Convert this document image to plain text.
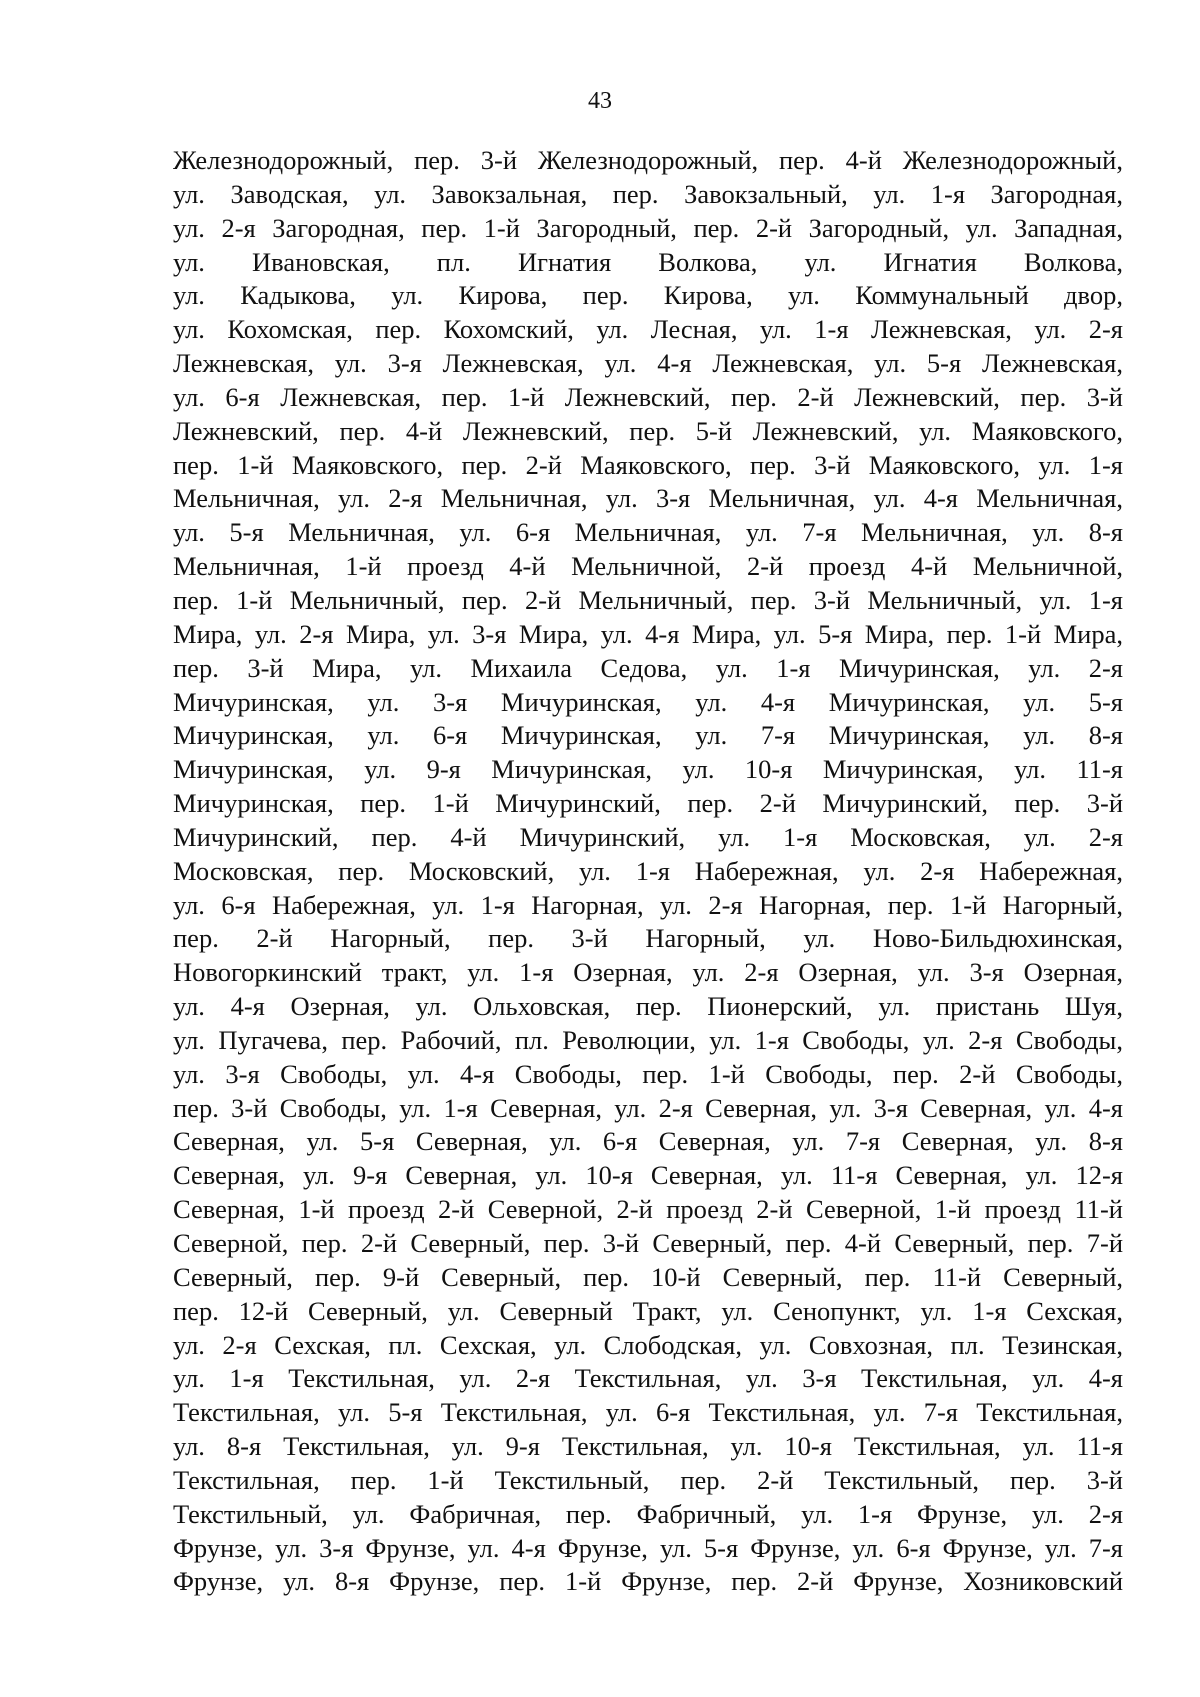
43
Железнодорожный, пер. 3-й Железнодорожный, пер. 4-й Железнодорожный,
ул. Заводская, ул. Завокзальная, пер. Завокзальный, ул. 1-я Загородная,
ул. 2-я Загородная, пер. 1-й Загородный, пер. 2-й Загородный, ул. Западная,
ул. Ивановская, пл. Игнатия Волкова, ул. Игнатия Волкова,
ул. Кадыкова, ул. Кирова, пер. Кирова, ул. Коммунальный двор,
ул. Кохомская, пер. Кохомский, ул. Лесная, ул. 1-я Лежневская, ул. 2-я
Лежневская, ул. 3-я Лежневская, ул. 4-я Лежневская, ул. 5-я Лежневская,
ул. 6-я Лежневская, пер. 1-й Лежневский, пер. 2-й Лежневский, пер. 3-й
Лежневский, пер. 4-й Лежневский, пер. 5-й Лежневский, ул. Маяковского,
пер. 1-й Маяковского, пер. 2-й Маяковского, пер. 3-й Маяковского, ул. 1-я
Мельничная, ул. 2-я Мельничная, ул. 3-я Мельничная, ул. 4-я Мельничная,
ул. 5-я Мельничная, ул. 6-я Мельничная, ул. 7-я Мельничная, ул. 8-я
Мельничная, 1-й проезд 4-й Мельничной, 2-й проезд 4-й Мельничной,
пер. 1-й Мельничный, пер. 2-й Мельничный, пер. 3-й Мельничный, ул. 1-я
Мира, ул. 2-я Мира, ул. 3-я Мира, ул. 4-я Мира, ул. 5-я Мира, пер. 1-й Мира,
пер. 3-й Мира, ул. Михаила Седова, ул. 1-я Мичуринская, ул. 2-я
Мичуринская, ул. 3-я Мичуринская, ул. 4-я Мичуринская, ул. 5-я
Мичуринская, ул. 6-я Мичуринская, ул. 7-я Мичуринская, ул. 8-я
Мичуринская, ул. 9-я Мичуринская, ул. 10-я Мичуринская, ул. 11-я
Мичуринская, пер. 1-й Мичуринский, пер. 2-й Мичуринский, пер. 3-й
Мичуринский, пер. 4-й Мичуринский, ул. 1-я Московская, ул. 2-я
Московская, пер. Московский, ул. 1-я Набережная, ул. 2-я Набережная,
ул. 6-я Набережная, ул. 1-я Нагорная, ул. 2-я Нагорная, пер. 1-й Нагорный,
пер. 2-й Нагорный, пер. 3-й Нагорный, ул. Ново-Бильдюхинская,
Новогоркинский тракт, ул. 1-я Озерная, ул. 2-я Озерная, ул. 3-я Озерная,
ул. 4-я Озерная, ул. Ольховская, пер. Пионерский, ул. пристань Шуя,
ул. Пугачева, пер. Рабочий, пл. Революции, ул. 1-я Свободы, ул. 2-я Свободы,
ул. 3-я Свободы, ул. 4-я Свободы, пер. 1-й Свободы, пер. 2-й Свободы,
пер. 3-й Свободы, ул. 1-я Северная, ул. 2-я Северная, ул. 3-я Северная, ул. 4-я
Северная, ул. 5-я Северная, ул. 6-я Северная, ул. 7-я Северная, ул. 8-я
Северная, ул. 9-я Северная, ул. 10-я Северная, ул. 11-я Северная, ул. 12-я
Северная, 1-й проезд 2-й Северной, 2-й проезд 2-й Северной, 1-й проезд 11-й
Северной, пер. 2-й Северный, пер. 3-й Северный, пер. 4-й Северный, пер. 7-й
Северный, пер. 9-й Северный, пер. 10-й Северный, пер. 11-й Северный,
пер. 12-й Северный, ул. Северный Тракт, ул. Сенопункт, ул. 1-я Сехская,
ул. 2-я Сехская, пл. Сехская, ул. Слободская, ул. Совхозная, пл. Тезинская,
ул. 1-я Текстильная, ул. 2-я Текстильная, ул. 3-я Текстильная, ул. 4-я
Текстильная, ул. 5-я Текстильная, ул. 6-я Текстильная, ул. 7-я Текстильная,
ул. 8-я Текстильная, ул. 9-я Текстильная, ул. 10-я Текстильная, ул. 11-я
Текстильная, пер. 1-й Текстильный, пер. 2-й Текстильный, пер. 3-й
Текстильный, ул. Фабричная, пер. Фабричный, ул. 1-я Фрунзе, ул. 2-я
Фрунзе, ул. 3-я Фрунзе, ул. 4-я Фрунзе, ул. 5-я Фрунзе, ул. 6-я Фрунзе, ул. 7-я
Фрунзе, ул. 8-я Фрунзе, пер. 1-й Фрунзе, пер. 2-й Фрунзе, Хозниковский
